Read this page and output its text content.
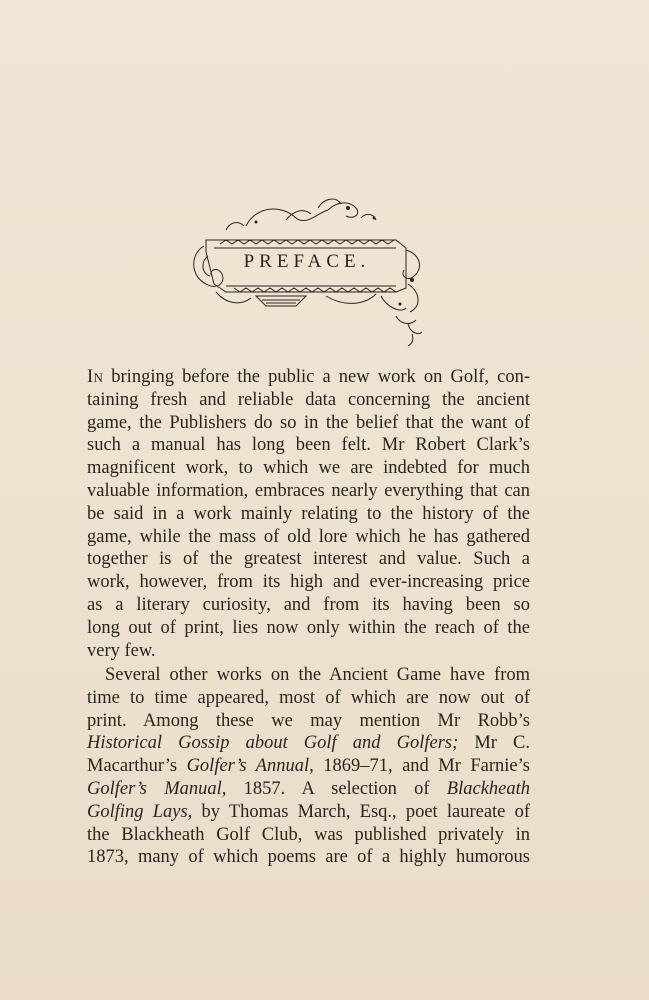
PREFACE.
In bringing before the public a new work on Golf, con-
taining fresh and reliable data concerning the ancient
game, the Publishers do so in the belief that the want of
such a manual has long been felt. Mr Robert Clark’s
magnificent work, to which we are indebted for much
valuable information, embraces nearly everything that can
be said in a work mainly relating to the history of the
game, while the mass of old lore which he has gathered
together is of the greatest interest and value. Such a
work, however, from its high and ever-increasing price
as a literary curiosity, and from its having been so
long out of print, lies now only within the reach of the
very few.
Several other works on the Ancient Game have from
time to time appeared, most of which are now out of
print. Among these we may mention Mr Robb’s
Historical Gossip about Golf and Golfers; Mr C.
Macarthur’s Golfer’s Annual, 1869–71, and Mr Farnie’s
Golfer’s Manual, 1857. A selection of Blackheath
Golfing Lays, by Thomas March, Esq., poet laureate of
the Blackheath Golf Club, was published privately in
1873, many of which poems are of a highly humorous
